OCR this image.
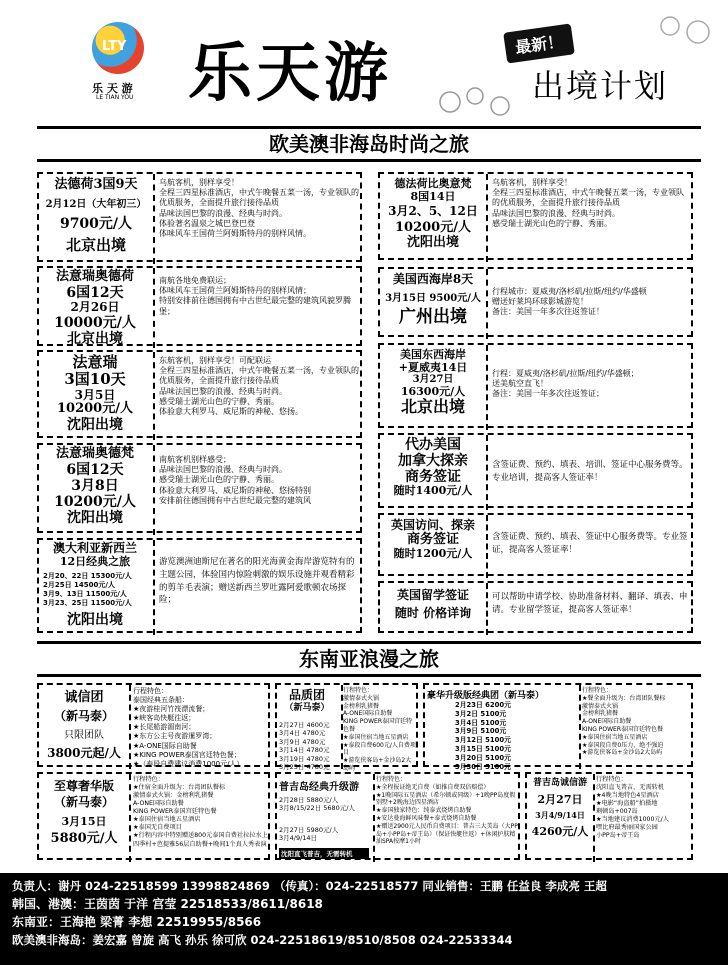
LTY
乐 天 游
LE TIAN YOU 乐天游	最新！
出境计划
欧美澳非海岛时尚之旅
法德荷3国9天
2月12日（大年初三）
9700元/人
北京出境
乌航客机，别样享受！
全程三四星标准酒店，中式午晚餐五菜一汤，专业领队的优质服务，全面提升旅行接待品质
品味法国巴黎的浪漫、经典与时尚。
体验著名温泉之城巴登巴登
体味风车王国荷兰阿姆斯特丹的别样风情。
法意瑞奥德荷
6国12天
2月26日
10000元/人
北京出境
南航各地免费联运；
体味风车王国荷兰阿姆斯特丹的别样风情；
特别安排前往德国拥有中古世纪最完整的建筑风貌罗腾堡；
法意瑞
3国10天
3月5日
10200元/人
沈阳出境
东航客机，别样享受！可配联运
全程三四星标准酒店，中式午晚餐五菜一汤，专业领队的优质服务，全面提升旅行接待品质
品味法国巴黎的浪漫、经典与时尚。
感受瑞士湖光山色的宁静、秀丽。
体验意大利罗马、威尼斯的神秘、悠扬。
法意瑞奥德梵
6国12天
3月8日
10200元/人
沈阳出境
南航客机别样感受；
品味法国巴黎的浪漫、经典与时尚。
感受瑞士湖光山色的宁静、秀丽。
体验意大利罗马、威尼斯的神秘、悠扬特别
安排前往德国拥有中古世纪最完整的建筑风
澳大利亚新西兰
12日经典之旅
2月20、22日 15300元/人
2月25日 14500元/人
3月9、13日 11500元/人
3月23、25日 11500元/人
沈阳出境
游览澳洲迪斯尼在著名的阳光海黄金海岸游览特有的主题公园，体验国内惊险刺激的娱乐设施并观看精彩的剪羊毛表演；赠送新西兰罗吐露阿爱歌顿农场探险；
德法荷比奥意梵
8国14日
3月2、5、12日
10200元/人
沈阳出境
乌航客机，别样享受！
全程三四星标准酒店，中式午晚餐五菜一汤，专业领队的优质服务，全面提升旅行接待品质
品味法国巴黎的浪漫、经典与时尚。
感受瑞士湖光山色的宁静、秀丽。
美国西海岸8天
3月15日 9500元/人
广州出境
行程城市：夏威夷/洛杉矶/拉斯/纽约/华盛顿
赠送好莱坞环球影城游览！
备注：美国一年多次往返签证！
美国东西海岸
+夏威夷14日
3月27日
16300元/人
北京出境
行程：夏威夷/洛杉矶/拉斯/纽约/华盛顿；
送美航空直飞！
备注：美国一年多次往返签证；
代办美国
加拿大探亲
商务签证
随时1400元/人
含签证费、预约、填表、培训、签证中心服务费等。专业培训，提高客人签证率！
英国访问、探亲
商务签证
随时1200元/人
含签证费、预约、填表、签证中心服务费等。专业签证，提高客人签证率！
英国留学签证
随时 价格详询
可以帮助申请学校、协助准备材料、翻译、填表、申请。专业留学签证，提高客人签证率！
东南亚浪漫之旅
诚信团
（新马泰）
只限团队
3800元起/人
行程特色：
泰国经典五条船：
★夜游桂河竹筏漂流餐；
★峡客岛快艇往返；
★长尾船游湄南河；
★东方公主号夜游暹罗湾；
★A-ONE国际自助餐
★KING POWER泰国宫廷特色餐；
★（泰段自费建议消费1000元/人）
品质团
（新马泰）
2月27日 4600元
3月4日 4780元
3月9日 4780元
3月14日 4780元
3月19日 4780元
3月25日 4780元
行程特色：
激情泰式火锅
金榜利乳猪餐
A-ONE国际自助餐
KING POWER泰国宫廷特色餐
★泰国住宿当地五星酒店
★泰段自费600元/人自费项目
★游览侠客岛+金沙岛2大岛屿
豪华升级版经典团（新马泰）
2月23日 6200元
3月2日 5100元
3月4日 5100元
3月9日 5100元
3月12日 5100元
3月15日 5100元
3月20日 5100元
3月30日 5100元
行程特色：
★餐全面升级为：台湾团队餐标
激情泰式火锅
金榜利乳猪餐
A-ONE国际自助餐
KING POWER泰国宫廷特色餐
★泰国住宿当地五星酒店
★泰国段自费0压力，绝不强迫
★游览侠客岛+金沙岛2大岛屿
至尊奢华版
（新马泰）
3月15日
5880元/人
行程特色：
★住宿全面升级为：台湾团队餐标
激情泰式火锅：金榜利乳猪餐
A-ONE国际自助餐
KING POWER泰国宫廷特色餐
★泰国住宿当地五星酒店
★泰国无自费项目
★行程内容中特别赠送800元泰国自费社拉拉水上四季村+芭提雅56层自助餐+晚间1个真人秀表演
普吉岛经典升级游
2月28日 5880元/人
3月8/15/22日 5680元/人
2月27日 5980元/人
3月4/9/14日
沈阳直飞普吉，无需转机
行程特色：
★全程报证绝无自费（如推自费双倍赔偿）
★1晚国际五星酒店（希尔顿或同级）+1晚PP岛度假别墅+2晚海边四星酒店
★泰国独家特色：纯泰式烧烤自助餐
★安达曼海鲜风味餐+泰式烧烤自助餐
★赠送2900元人民币自费项目：普吉三大美岛（大PP岛+小PP岛+帝王岛）（保证快艇往返）+休闲护肤精油SPA按摩1小时
普吉岛诚信游
2月27日
3月4/9/14日
4260元/人
行程特色：
沈阳直飞普吉，无需转机
★4晚当地特色4星酒店
★电影“海盗船”拍摄地
剩顿岛+007岛
★当地建议消费1000元/人
嘿比府最秀丽国家公园
小PP岛+帝王岛
负责人：谢丹 024-22518599 13998824869 （传真）：024-22518577 同业销售：王鹏 任益良 李成亮 王超
韩国、港澳：王茵茵 于洋 宫莹 22518533/8611/8618
东南亚：王海艳 梁菁 李想 22519955/8566
欧美澳非海岛：姜宏嘉 曾旋 高飞 孙乐 徐可欣 024-22518619/8510/8508 024-22533344
